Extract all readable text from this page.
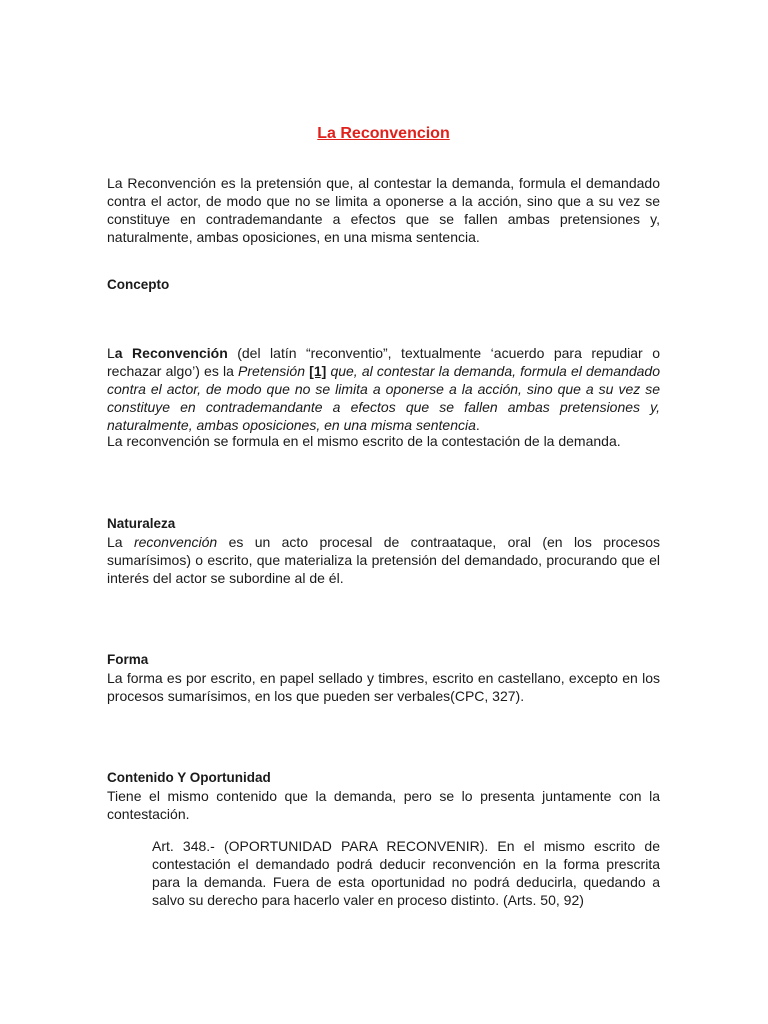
La Reconvencion

La Reconvención es la pretensión que, al contestar la demanda, formula el demandado contra el actor, de modo que no se limita a oponerse a la acción, sino que a su vez se constituye en contrademandante a efectos que se fallen ambas pretensiones y, naturalmente, ambas oposiciones, en una misma sentencia.

Concepto

La Reconvención (del latín “reconventio”, textualmente ‘acuerdo para repudiar o rechazar algo’) es la Pretensión [1] que, al contestar la demanda, formula el demandado contra el actor, de modo que no se limita a oponerse a la acción, sino que a su vez se constituye en contrademandante a efectos que se fallen ambas pretensiones y, naturalmente, ambas oposiciones, en una misma sentencia.

La reconvención se formula en el mismo escrito de la contestación de la demanda.

Naturaleza

La reconvención es un acto procesal de contraataque, oral (en los procesos sumarísimos) o escrito, que materializa la pretensión del demandado, procurando que el interés del actor se subordine al de él.

Forma

La forma es por escrito, en papel sellado y timbres, escrito en castellano, excepto en los procesos sumarísimos, en los que pueden ser verbales(CPC, 327).

Contenido Y Oportunidad

Tiene el mismo contenido que la demanda, pero se lo presenta juntamente con la contestación.

Art. 348.- (OPORTUNIDAD PARA RECONVENIR). En el mismo escrito de contestación el demandado podrá deducir reconvención en la forma prescrita para la demanda. Fuera de esta oportunidad no podrá deducirla, quedando a salvo su derecho para hacerlo valer en proceso distinto. (Arts. 50, 92)
